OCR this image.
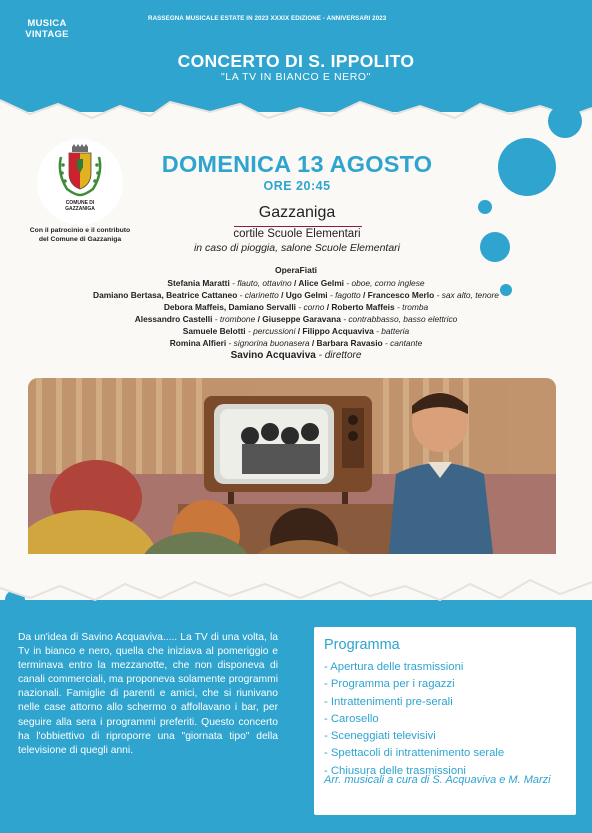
MUSICA
VINTAGE
RASSEGNA MUSICALE ESTATE IN 2023 XXXIX EDIZIONE - ANNIVERSARI 2023
CONCERTO DI S. IPPOLITO
"LA TV IN BIANCO E NERO"
COMUNE DI
GAZZANIGA
Con il patrocinio e il contributo del Comune di Gazzaniga
DOMENICA 13 AGOSTO
ORE 20:45
Gazzaniga
cortile Scuole Elementari
in caso di pioggia, salone Scuole Elementari
OperaFiati
Stefania Maratti - flauto, ottavino / Alice Gelmi - oboe, corno inglese
Damiano Bertasa, Beatrice Cattaneo - clarinetto / Ugo Gelmi - fagotto / Francesco Merlo - sax alto, tenore
Debora Maffeis, Damiano Servalli - corno / Roberto Maffeis - tromba
Alessandro Castelli - trombone / Giuseppe Garavana - contrabbasso, basso elettrico
Samuele Belotti - percussioni / Filippo Acquaviva - batteria
Romina Alfieri - signorina buonasera / Barbara Ravasio - cantante
Savino Acquaviva - direttore
Da un'idea di Savino Acquaviva..... La TV di una volta, la Tv in bianco e nero, quella che iniziava al pomeriggio e terminava entro la mezzanotte, che non disponeva di canali commerciali, ma proponeva solamente programmi nazionali. Famiglie di parenti e amici, che si riunivano nelle case attorno allo schermo o affollavano i bar, per seguire alla sera i programmi preferiti. Questo concerto ha l'obbiettivo di riproporre una "giornata tipo" della televisione di quegli anni.
Programma
- Apertura delle trasmissioni
- Programma per i ragazzi
- Intrattenimenti pre-serali
- Carosello
- Sceneggiati televisivi
- Spettacoli di intrattenimento serale
- Chiusura delle trasmissioni
Arr. musicali a cura di S. Acquaviva e M. Marzi
